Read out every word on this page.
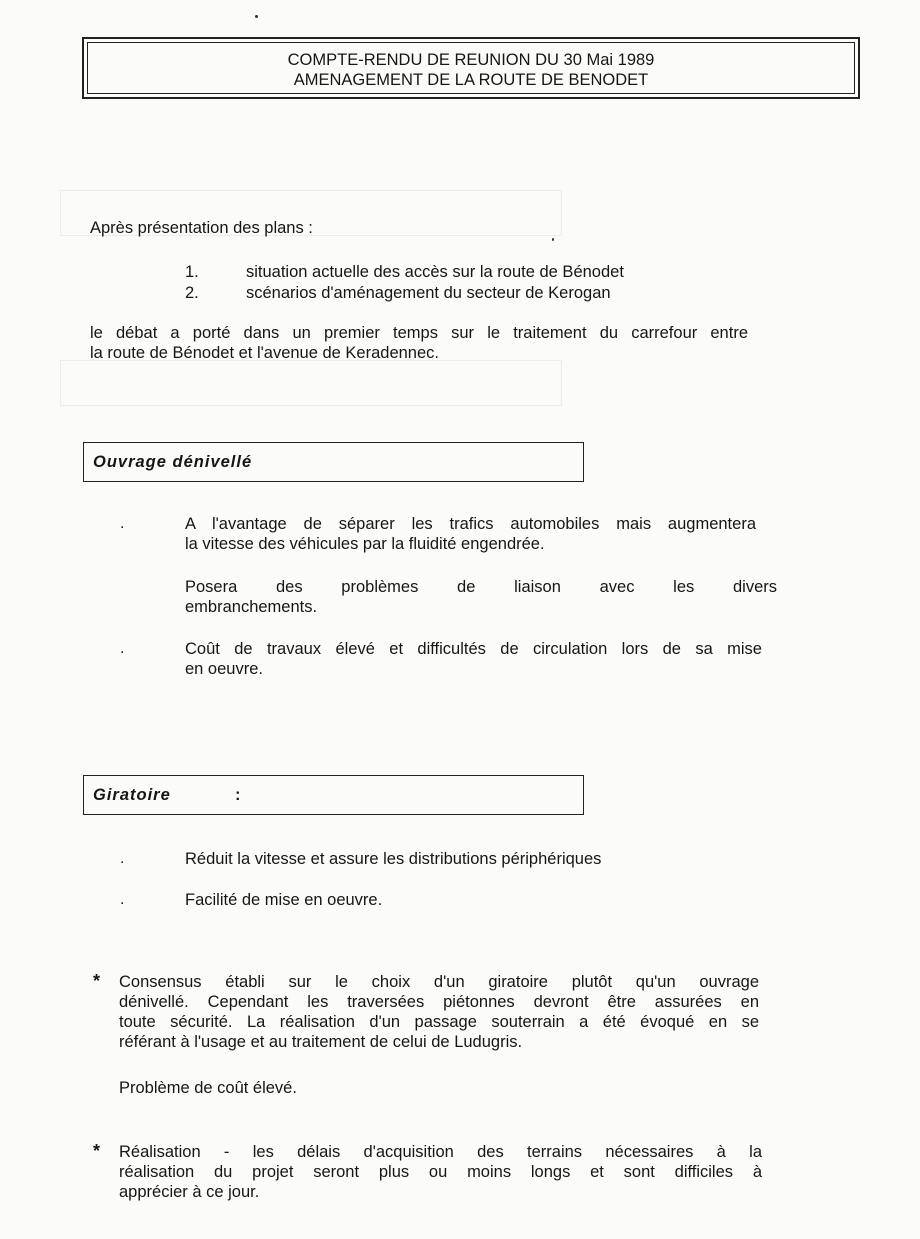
COMPTE-RENDU DE REUNION DU 30 Mai 1989
AMENAGEMENT DE LA ROUTE DE BENODET
Après présentation des plans :
1.	situation actuelle des accès sur la route de Bénodet
2.	scénarios d'aménagement du secteur de Kerogan
le débat a porté dans un premier temps sur le traitement du carrefour entre
la route de Bénodet et l'avenue de Keradennec.
Ouvrage dénivellé
.	A l'avantage de séparer les trafics automobiles mais augmentera
la vitesse des véhicules par la fluidité engendrée.
Posera des problèmes de liaison avec les divers
embranchements.
.	Coût de travaux élevé et difficultés de circulation lors de sa mise
en oeuvre.
Giratoire	:
.	Réduit la vitesse et assure les distributions périphériques
.	Facilité de mise en oeuvre.
* Consensus établi sur le choix d'un giratoire plutôt qu'un ouvrage
dénivellé. Cependant les traversées piétonnes devront être assurées en
toute sécurité. La réalisation d'un passage souterrain a été évoqué en se
référant à l'usage et au traitement de celui de Ludugris.
Problème de coût élevé.
* Réalisation - les délais d'acquisition des terrains nécessaires à la
réalisation du projet seront plus ou moins longs et sont difficiles à
apprécier à ce jour.
